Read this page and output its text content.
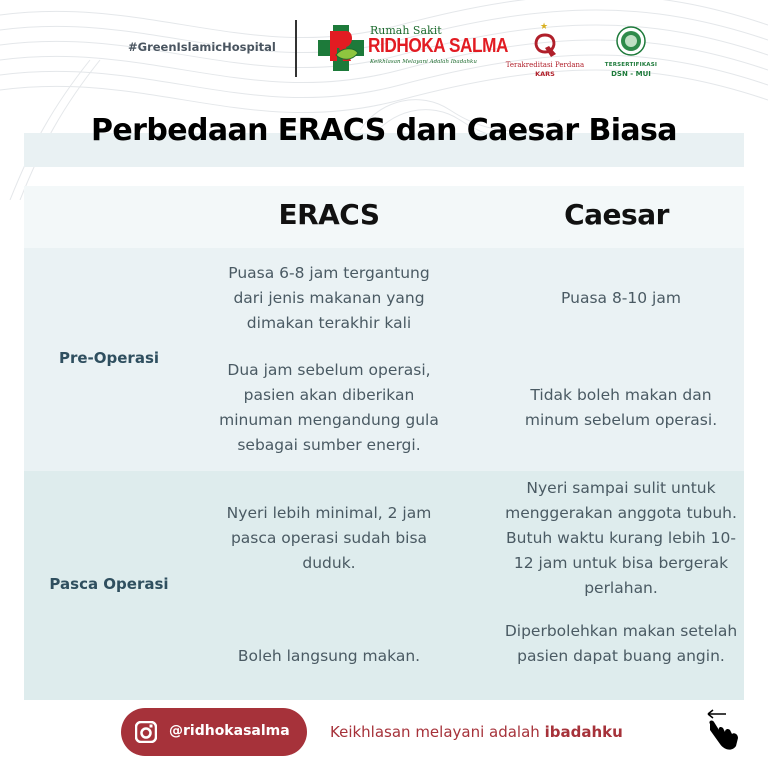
#GreenIslamicHospital
Rumah Sakit
RIDHOKA SALMA
Keikhlasan Melayani Adalah Ibadahku
★
Terakreditasi Perdana
KARS
TERSERTIFIKASI
DSN - MUI
Perbedaan ERACS dan Caesar Biasa
ERACS	Caesar
Pre-Operasi
Puasa 6-8 jam tergantung dari jenis makanan yang dimakan terakhir kali
Dua jam sebelum operasi, pasien akan diberikan minuman mengandung gula sebagai sumber energi.
Puasa 8-10 jam
Tidak boleh makan dan minum sebelum operasi.
Pasca Operasi
Nyeri lebih minimal, 2 jam pasca operasi sudah bisa duduk.
Boleh langsung makan.
Nyeri sampai sulit untuk menggerakan anggota tubuh. Butuh waktu kurang lebih 10-12 jam untuk bisa bergerak perlahan.
Diperbolehkan makan setelah pasien dapat buang angin.
@ridhokasalma	Keikhlasan melayani adalah ibadahku
